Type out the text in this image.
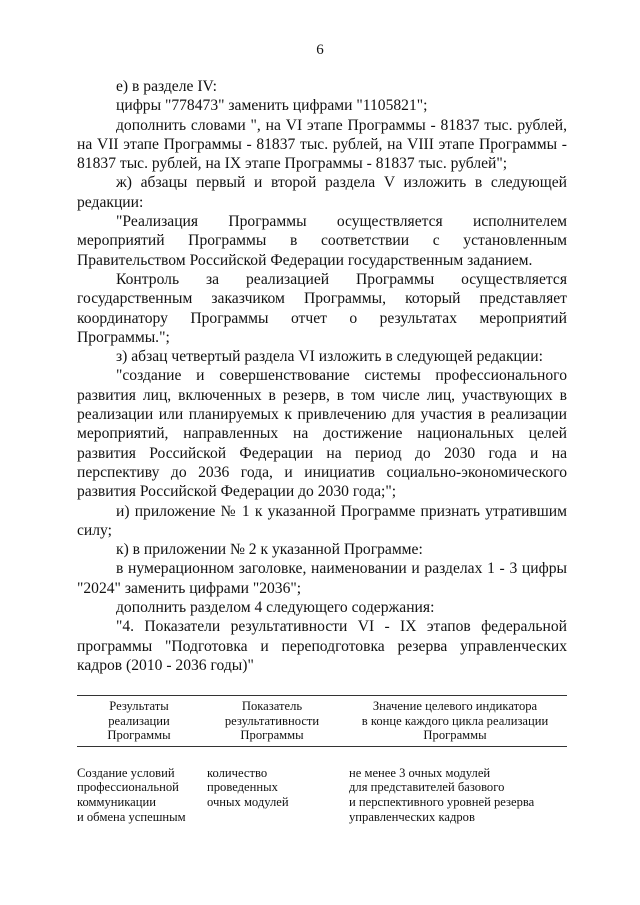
6

е) в разделе IV:

цифры "778473" заменить цифрами "1105821";

дополнить словами ", на VI этапе Программы - 81837 тыс. рублей, на VII этапе Программы - 81837 тыс. рублей, на VIII этапе Программы - 81837 тыс. рублей, на IX этапе Программы - 81837 тыс. рублей";

ж) абзацы первый и второй раздела V изложить в следующей редакции:

"Реализация Программы осуществляется исполнителем мероприятий Программы в соответствии с установленным Правительством Российской Федерации государственным заданием.

Контроль за реализацией Программы осуществляется государственным заказчиком Программы, который представляет координатору Программы отчет о результатах мероприятий Программы.";

з) абзац четвертый раздела VI изложить в следующей редакции:

"создание и совершенствование системы профессионального развития лиц, включенных в резерв, в том числе лиц, участвующих в реализации или планируемых к привлечению для участия в реализации мероприятий, направленных на достижение национальных целей развития Российской Федерации на период до 2030 года и на перспективу до 2036 года, и инициатив социально-экономического развития Российской Федерации до 2030 года;";

и) приложение № 1 к указанной Программе признать утратившим силу;

к) в приложении № 2 к указанной Программе:

в нумерационном заголовке, наименовании и разделах 1 - 3 цифры "2024" заменить цифрами "2036";

дополнить разделом 4 следующего содержания:

"4. Показатели результативности VI - IX этапов федеральной программы "Подготовка и переподготовка резерва управленческих кадров (2010 - 2036 годы)"

Результаты
реализации
Программы
Показатель
результативности
Программы
Значение целевого индикатора
в конце каждого цикла реализации
Программы
Создание условий
профессиональной
коммуникации
и обмена успешным
количество
проведенных
очных модулей
не менее 3 очных модулей
для представителей базового
и перспективного уровней резерва
управленческих кадров
